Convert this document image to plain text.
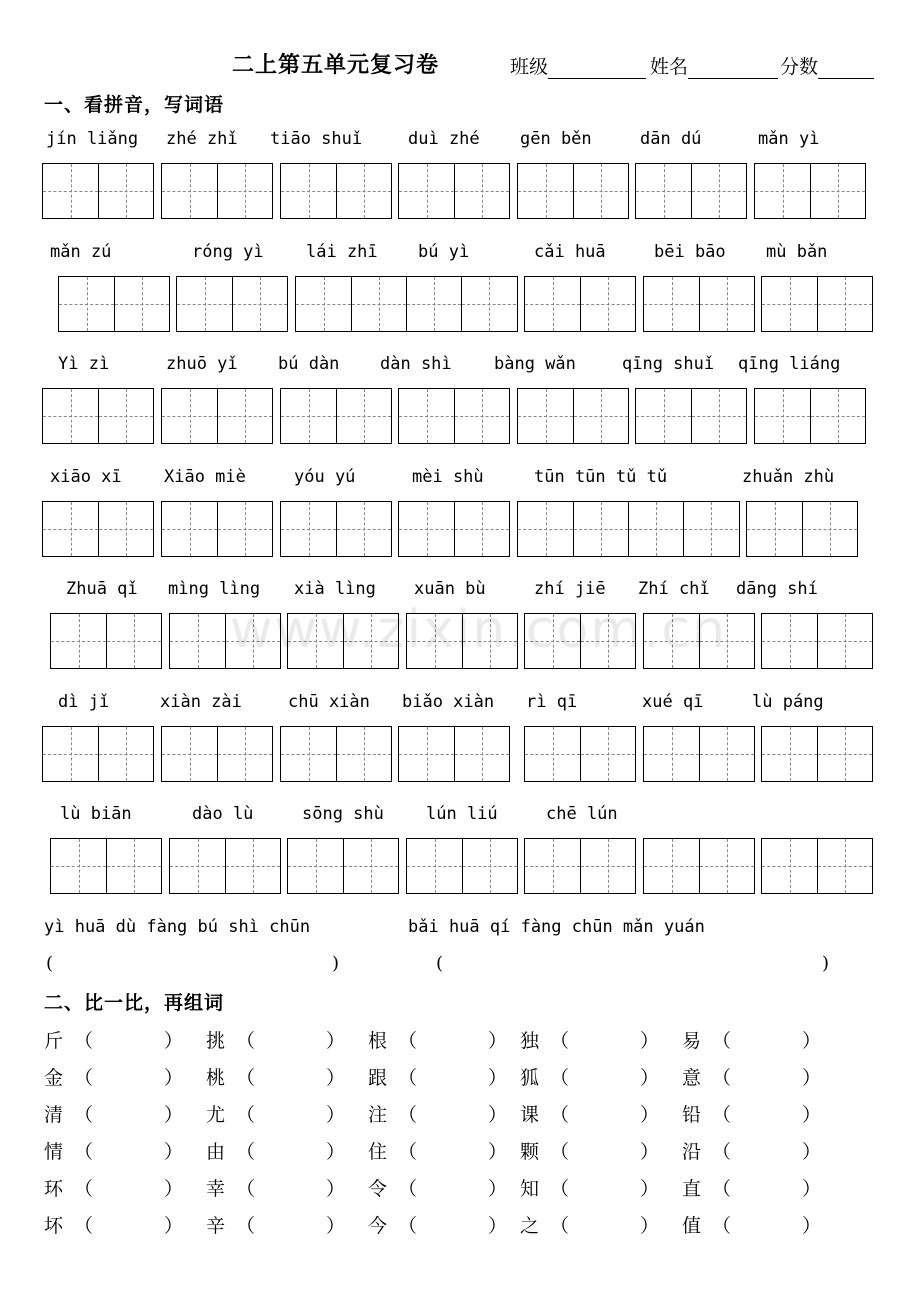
二上第五单元复习卷	班级	姓名	分数
一、看拼音，写词语
jín liǎng zhé zhǐ tiāo shuǐ	duì zhé gēn běn	dān dú	mǎn yì
mǎn zú	róng yì lái zhī bú yì	cǎi huā	bēi bāo mù bǎn
Yì zì	zhuō yǐ bú dàn dàn shì bàng wǎn	qīng shuǐ qīng liáng
xiāo xī Xiāo miè	yóu yú	mèi shù	tūn tūn tǔ tǔ	zhuǎn zhù
Zhuā qǐ mìng lìng xià lìng xuān bù	zhí jiē Zhí chǐ dāng shí
dì jǐ	xiàn zài	chū xiàn biǎo xiàn rì qī	xué qī	lù páng
lù biān	dào lù	sōng shù lún liú	chē lún
yì huā dù fàng bú shì chūn	bǎi huā qí fàng chūn mǎn yuán
(	)	(	)
二、比一比，再组词
斤 （	） 挑 （	） 根 （	） 独 （	） 易 （	）
金 （	） 桃 （	） 跟 （	） 狐 （	） 意 （	）
清 （	） 尤 （	） 注 （	） 课 （	） 铅 （	）
情 （	） 由 （	） 住 （	） 颗 （	） 沿 （	）
环 （	） 幸 （	） 令 （	） 知 （	） 直 （	）
坏 （	） 辛 （	） 今 （	） 之 （	） 值 （	）
www.zixin.com.cn
